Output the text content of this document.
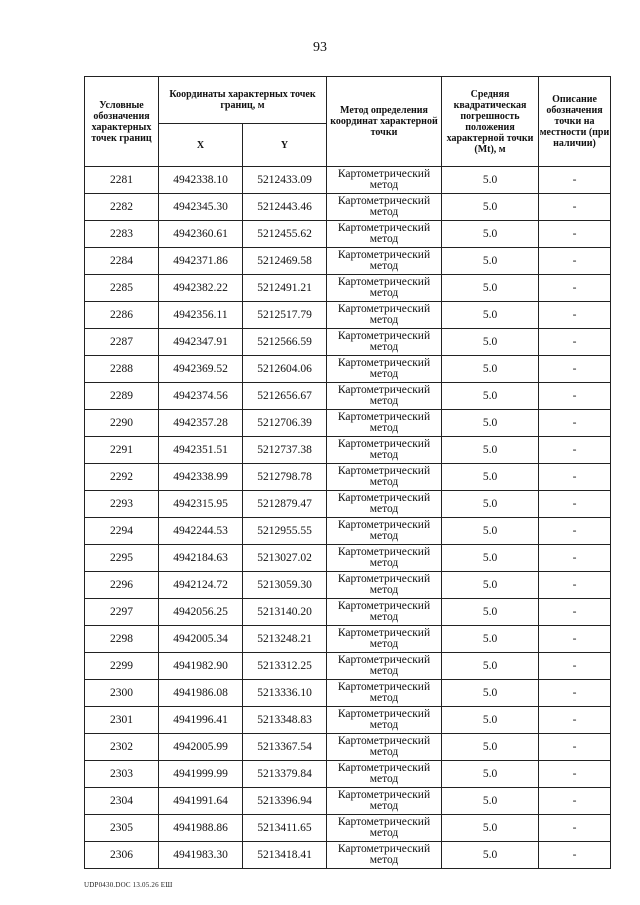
93
Условные обозначения характерных точек границ	Координаты характерных точек границ, м		Метод определения координат характерной точки	Средняя квадратическая погрешность положения характерной точки (Mt), м	Описание обозначения точки на местности (при наличии)
	X	Y			
2281	4942338.10	5212433.09	Картометрический метод	5.0	-
2282	4942345.30	5212443.46	Картометрический метод	5.0	-
2283	4942360.61	5212455.62	Картометрический метод	5.0	-
2284	4942371.86	5212469.58	Картометрический метод	5.0	-
2285	4942382.22	5212491.21	Картометрический метод	5.0	-
2286	4942356.11	5212517.79	Картометрический метод	5.0	-
2287	4942347.91	5212566.59	Картометрический метод	5.0	-
2288	4942369.52	5212604.06	Картометрический метод	5.0	-
2289	4942374.56	5212656.67	Картометрический метод	5.0	-
2290	4942357.28	5212706.39	Картометрический метод	5.0	-
2291	4942351.51	5212737.38	Картометрический метод	5.0	-
2292	4942338.99	5212798.78	Картометрический метод	5.0	-
2293	4942315.95	5212879.47	Картометрический метод	5.0	-
2294	4942244.53	5212955.55	Картометрический метод	5.0	-
2295	4942184.63	5213027.02	Картометрический метод	5.0	-
2296	4942124.72	5213059.30	Картометрический метод	5.0	-
2297	4942056.25	5213140.20	Картометрический метод	5.0	-
2298	4942005.34	5213248.21	Картометрический метод	5.0	-
2299	4941982.90	5213312.25	Картометрический метод	5.0	-
2300	4941986.08	5213336.10	Картометрический метод	5.0	-
2301	4941996.41	5213348.83	Картометрический метод	5.0	-
2302	4942005.99	5213367.54	Картометрический метод	5.0	-
2303	4941999.99	5213379.84	Картометрический метод	5.0	-
2304	4941991.64	5213396.94	Картометрический метод	5.0	-
2305	4941988.86	5213411.65	Картометрический метод	5.0	-
2306	4941983.30	5213418.41	Картометрический метод	5.0	-
UDP0430.DOC 13.05.26 ЕШ
